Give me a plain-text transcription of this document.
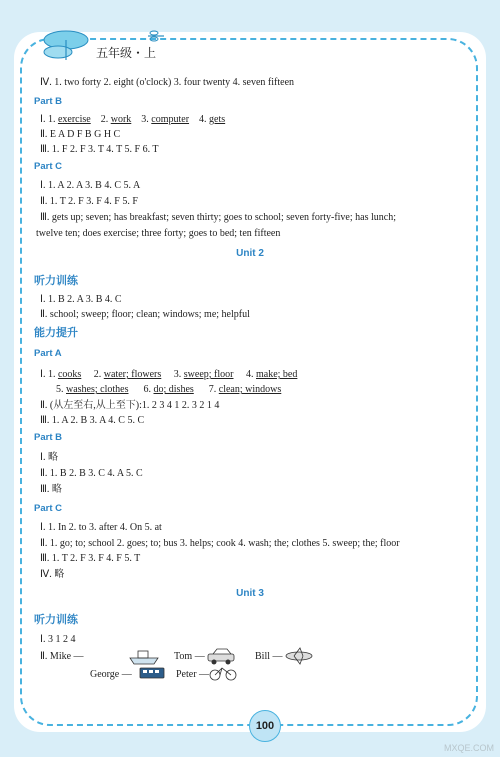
五年级・上
Ⅳ. 1. two forty 2. eight (o'clock) 3. four twenty 4. seven fifteen
Part B
Ⅰ. 1. exercise 2. work 3. computer 4. gets
Ⅱ. E A D F B G H C
Ⅲ. 1. F 2. F 3. T 4. T 5. F 6. T
Part C
Ⅰ. 1. A 2. A 3. B 4. C 5. A
Ⅱ. 1. T 2. F 3. F 4. F 5. F
Ⅲ. gets up; seven; has breakfast; seven thirty; goes to school; seven forty-five; has lunch;
twelve ten; does exercise; three forty; goes to bed; ten fifteen
Unit 2
听力训练
Ⅰ. 1. B 2. A 3. B 4. C
Ⅱ. school; sweep; floor; clean; windows; me; helpful
能力提升
Part A
Ⅰ. 1. cooks 2. water; flowers 3. sweep; floor 4. make; bed
5. washes; clothes 6. do; dishes 7. clean; windows
Ⅱ. (从左至右,从上至下):1. 2 3 4 1 2. 3 2 1 4
Ⅲ. 1. A 2. B 3. A 4. C 5. C
Part B
Ⅰ. 略
Ⅱ. 1. B 2. B 3. C 4. A 5. C
Ⅲ. 略
Part C
Ⅰ. 1. In 2. to 3. after 4. On 5. at
Ⅱ. 1. go; to; school 2. goes; to; bus 3. helps; cook 4. wash; the; clothes 5. sweep; the; floor
Ⅲ. 1. T 2. F 3. F 4. F 5. T
Ⅳ. 略
Unit 3
听力训练
Ⅰ. 3 1 2 4
Ⅱ. Mike —	Tom —	Bill —
George —	Peter —
100
MXQE.COM
